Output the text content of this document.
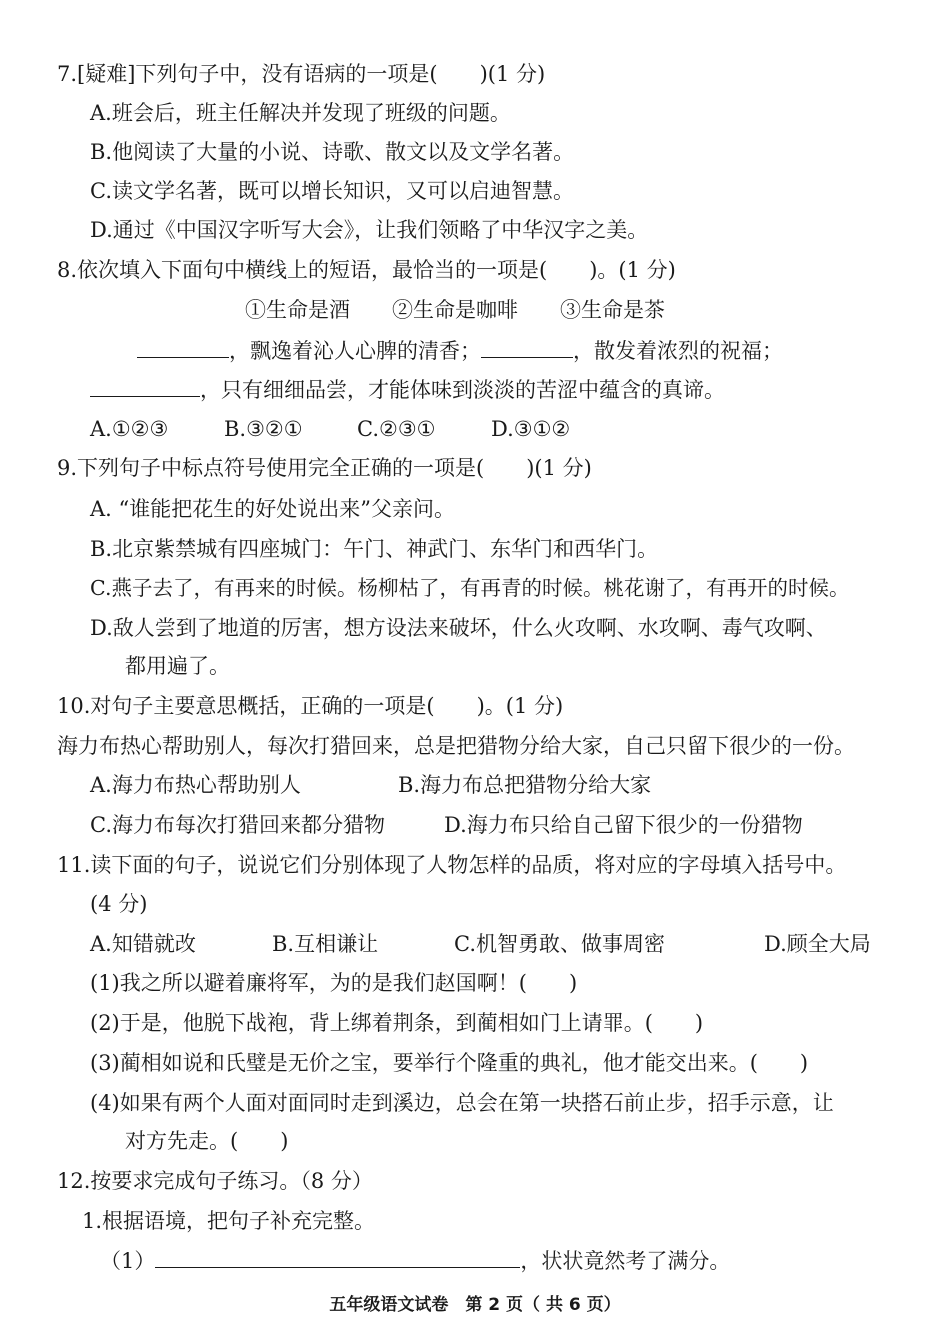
7.[疑难]下列句子中，没有语病的一项是(　　)(1 分)
A.班会后，班主任解决并发现了班级的问题。
B.他阅读了大量的小说、诗歌、散文以及文学名著。
C.读文学名著，既可以增长知识，又可以启迪智慧。
D.通过《中国汉字听写大会》，让我们领略了中华汉字之美。
8.依次填入下面句中横线上的短语，最恰当的一项是(　　)。(1 分)
①生命是酒　　②生命是咖啡　　③生命是茶
，飘逸着沁人心脾的清香；	，散发着浓烈的祝福；
，只有细细品尝，才能体味到淡淡的苦涩中蕴含的真谛。
A.①②③	B.③②①	C.②③①	D.③①②
9.下列句子中标点符号使用完全正确的一项是(　　)(1 分)
A. “谁能把花生的好处说出来”父亲问。
B.北京紫禁城有四座城门：午门、神武门、东华门和西华门。
C.燕子去了，有再来的时候。杨柳枯了，有再青的时候。桃花谢了，有再开的时候。
D.敌人尝到了地道的厉害，想方设法来破坏，什么火攻啊、水攻啊、毒气攻啊、
都用遍了。
10.对句子主要意思概括，正确的一项是(　　)。(1 分)
海力布热心帮助别人，每次打猎回来，总是把猎物分给大家，自己只留下很少的一份。
A.海力布热心帮助别人	B.海力布总把猎物分给大家
C.海力布每次打猎回来都分猎物	D.海力布只给自己留下很少的一份猎物
11.读下面的句子，说说它们分别体现了人物怎样的品质，将对应的字母填入括号中。
(4 分)
A.知错就改	B.互相谦让	C.机智勇敢、做事周密	D.顾全大局
(1)我之所以避着廉将军，为的是我们赵国啊！(　　)
(2)于是，他脱下战袍，背上绑着荆条，到蔺相如门上请罪。(　　)
(3)蔺相如说和氏璧是无价之宝，要举行个隆重的典礼，他才能交出来。(　　)
(4)如果有两个人面对面同时走到溪边，总会在第一块搭石前止步，招手示意，让
对方先走。(　　)
12.按要求完成句子练习。（8 分）
1.根据语境，把句子补充完整。
（1）	，状状竟然考了满分。
五年级语文试卷　第 2 页（ 共 6 页）
